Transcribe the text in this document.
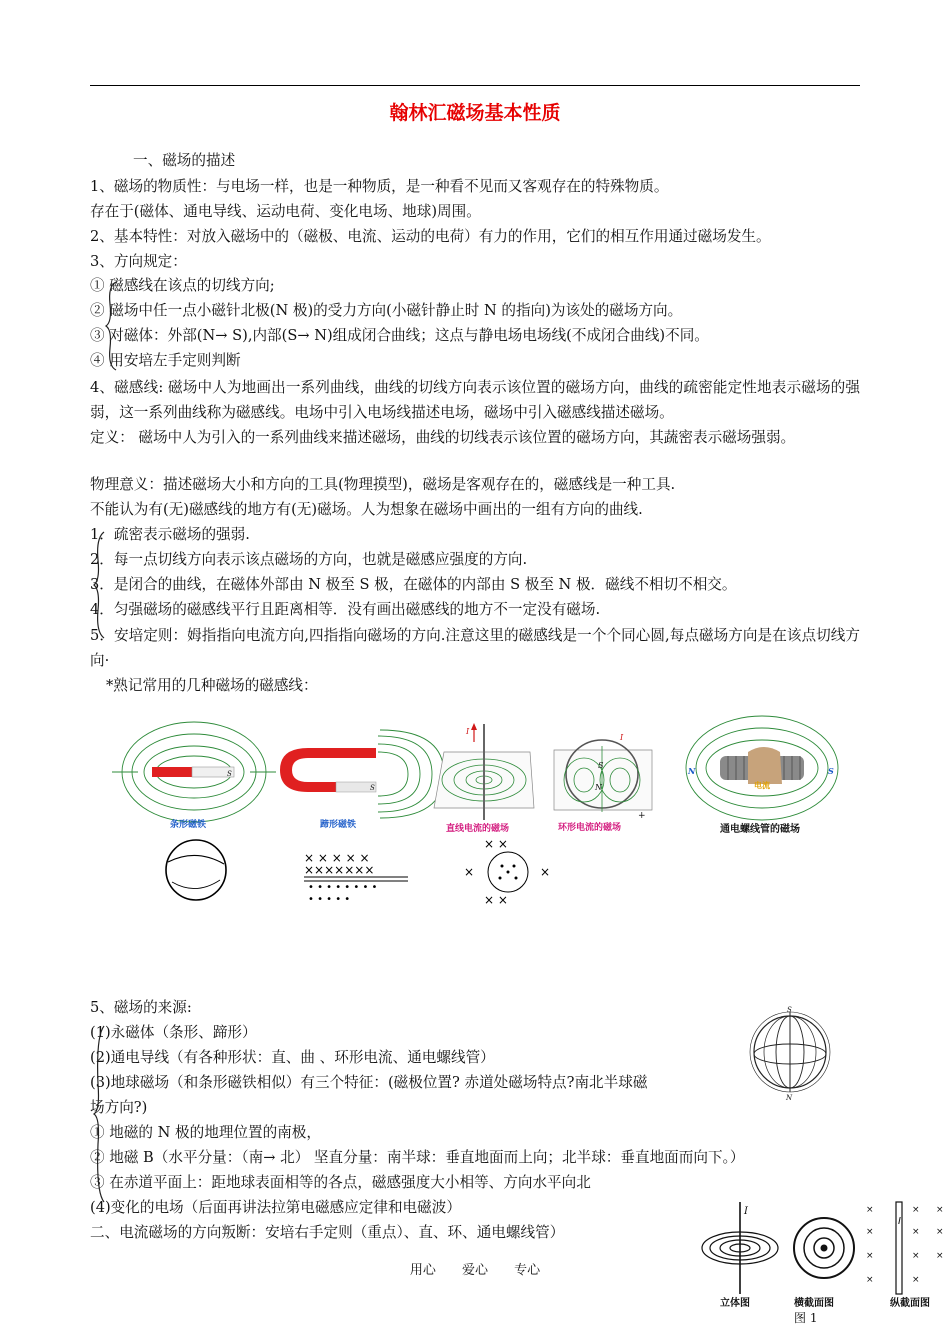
翰林汇磁场基本性质
一、磁场的描述
1、磁场的物质性：与电场一样，也是一种物质，是一种看不见而又客观存在的特殊物质。
存在于(磁体、通电导线、运动电荷、变化电场、地球)周围。
2、基本特性：对放入磁场中的（磁极、电流、运动的电荷）有力的作用，它们的相互作用通过磁场发生。
3、方向规定：
① 磁感线在该点的切线方向;
② 磁场中任一点小磁针北极(N 极)的受力方向(小磁针静止时 N 的指向)为该处的磁场方向。
③ 对磁体：外部(N→ S),内部(S→ N)组成闭合曲线；这点与静电场电场线(不成闭合曲线)不同。
④ 用安培左手定则判断
4、磁感线: 磁场中人为地画出一系列曲线，曲线的切线方向表示该位置的磁场方向，曲线的疏密能定性地表示磁场的强弱，这一系列曲线称为磁感线。电场中引入电场线描述电场，磁场中引入磁感线描述磁场。
定义： 磁场中人为引入的一系列曲线来描述磁场，曲线的切线表示该位置的磁场方向，其蔬密表示磁场强弱。
物理意义：描述磁场大小和方向的工具(物理摸型)，磁场是客观存在的，磁感线是一种工具.
不能认为有(无)磁感线的地方有(无)磁场。人为想象在磁场中画出的一组有方向的曲线.
1．疏密表示磁场的强弱.
2．每一点切线方向表示该点磁场的方向，也就是磁感应强度的方向.
3．是闭合的曲线，在磁体外部由 N 极至 S 极，在磁体的内部由 S 极至 N 极．磁线不相切不相交。
4．匀强磁场的磁感线平行且距离相等．没有画出磁感线的地方不一定没有磁场.
5．安培定则：姆指指向电流方向,四指指向磁场的方向.注意这里的磁感线是一个个同心圆,每点磁场方向是在该点切线方向·
*熟记常用的几种磁场的磁感线：
S
条形磁铁
S
蹄形磁铁
I
直线电流的磁场
S
N
I
+
环形电流的磁场
电流
N	S
通电螺线管的磁场
× × × × ×
×××××××
• • • • • • • •
• • • • •
× ×
×	×
× ×
5、磁场的来源:
(1)永磁体（条形、蹄形）
(2)通电导线（有各种形状：直、曲 、环形电流、通电螺线管）
(3)地球磁场（和条形磁铁相似）有三个特征：(磁极位置? 赤道处磁场特点?南北半球磁
场方向?)
① 地磁的 N 极的地理位置的南极，
② 地磁 B（水平分量：（南→ 北） 坚直分量：南半球：垂直地面而上向；北半球：垂直地面而向下。）
③ 在赤道平面上：距地球表面相等的各点，磁感强度大小相等、方向水平向北
(4)变化的电场（后面再讲法拉第电磁感应定律和电磁波）
二、电流磁场的方向叛断：安培右手定则（重点）、直、环、通电螺线管）
S
N
I	×
×
×
×
×
×
×
×
×
×
×
I
立体图	横截面图	纵截面图
图 1
用心 爱心 专心
